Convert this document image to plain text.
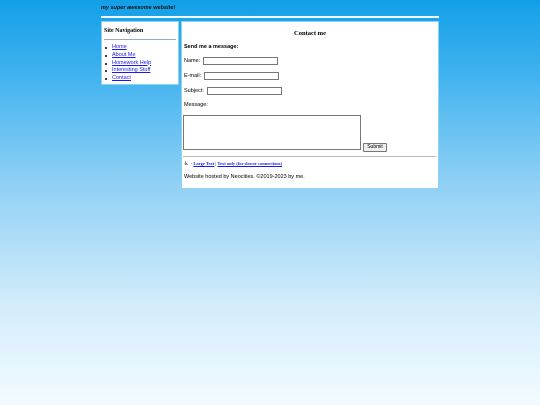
my super awesome website!
Site Navigation
Home
About Me
Homework Help
Interesting Stuff
Contact
Contact me
Send me a message:
Name:
E-mail:
Subject:
Message:
Submit
♿  - Large Text | Text only (for slower connections)
Website hosted by Neocities. ©2019-2023 by me.
